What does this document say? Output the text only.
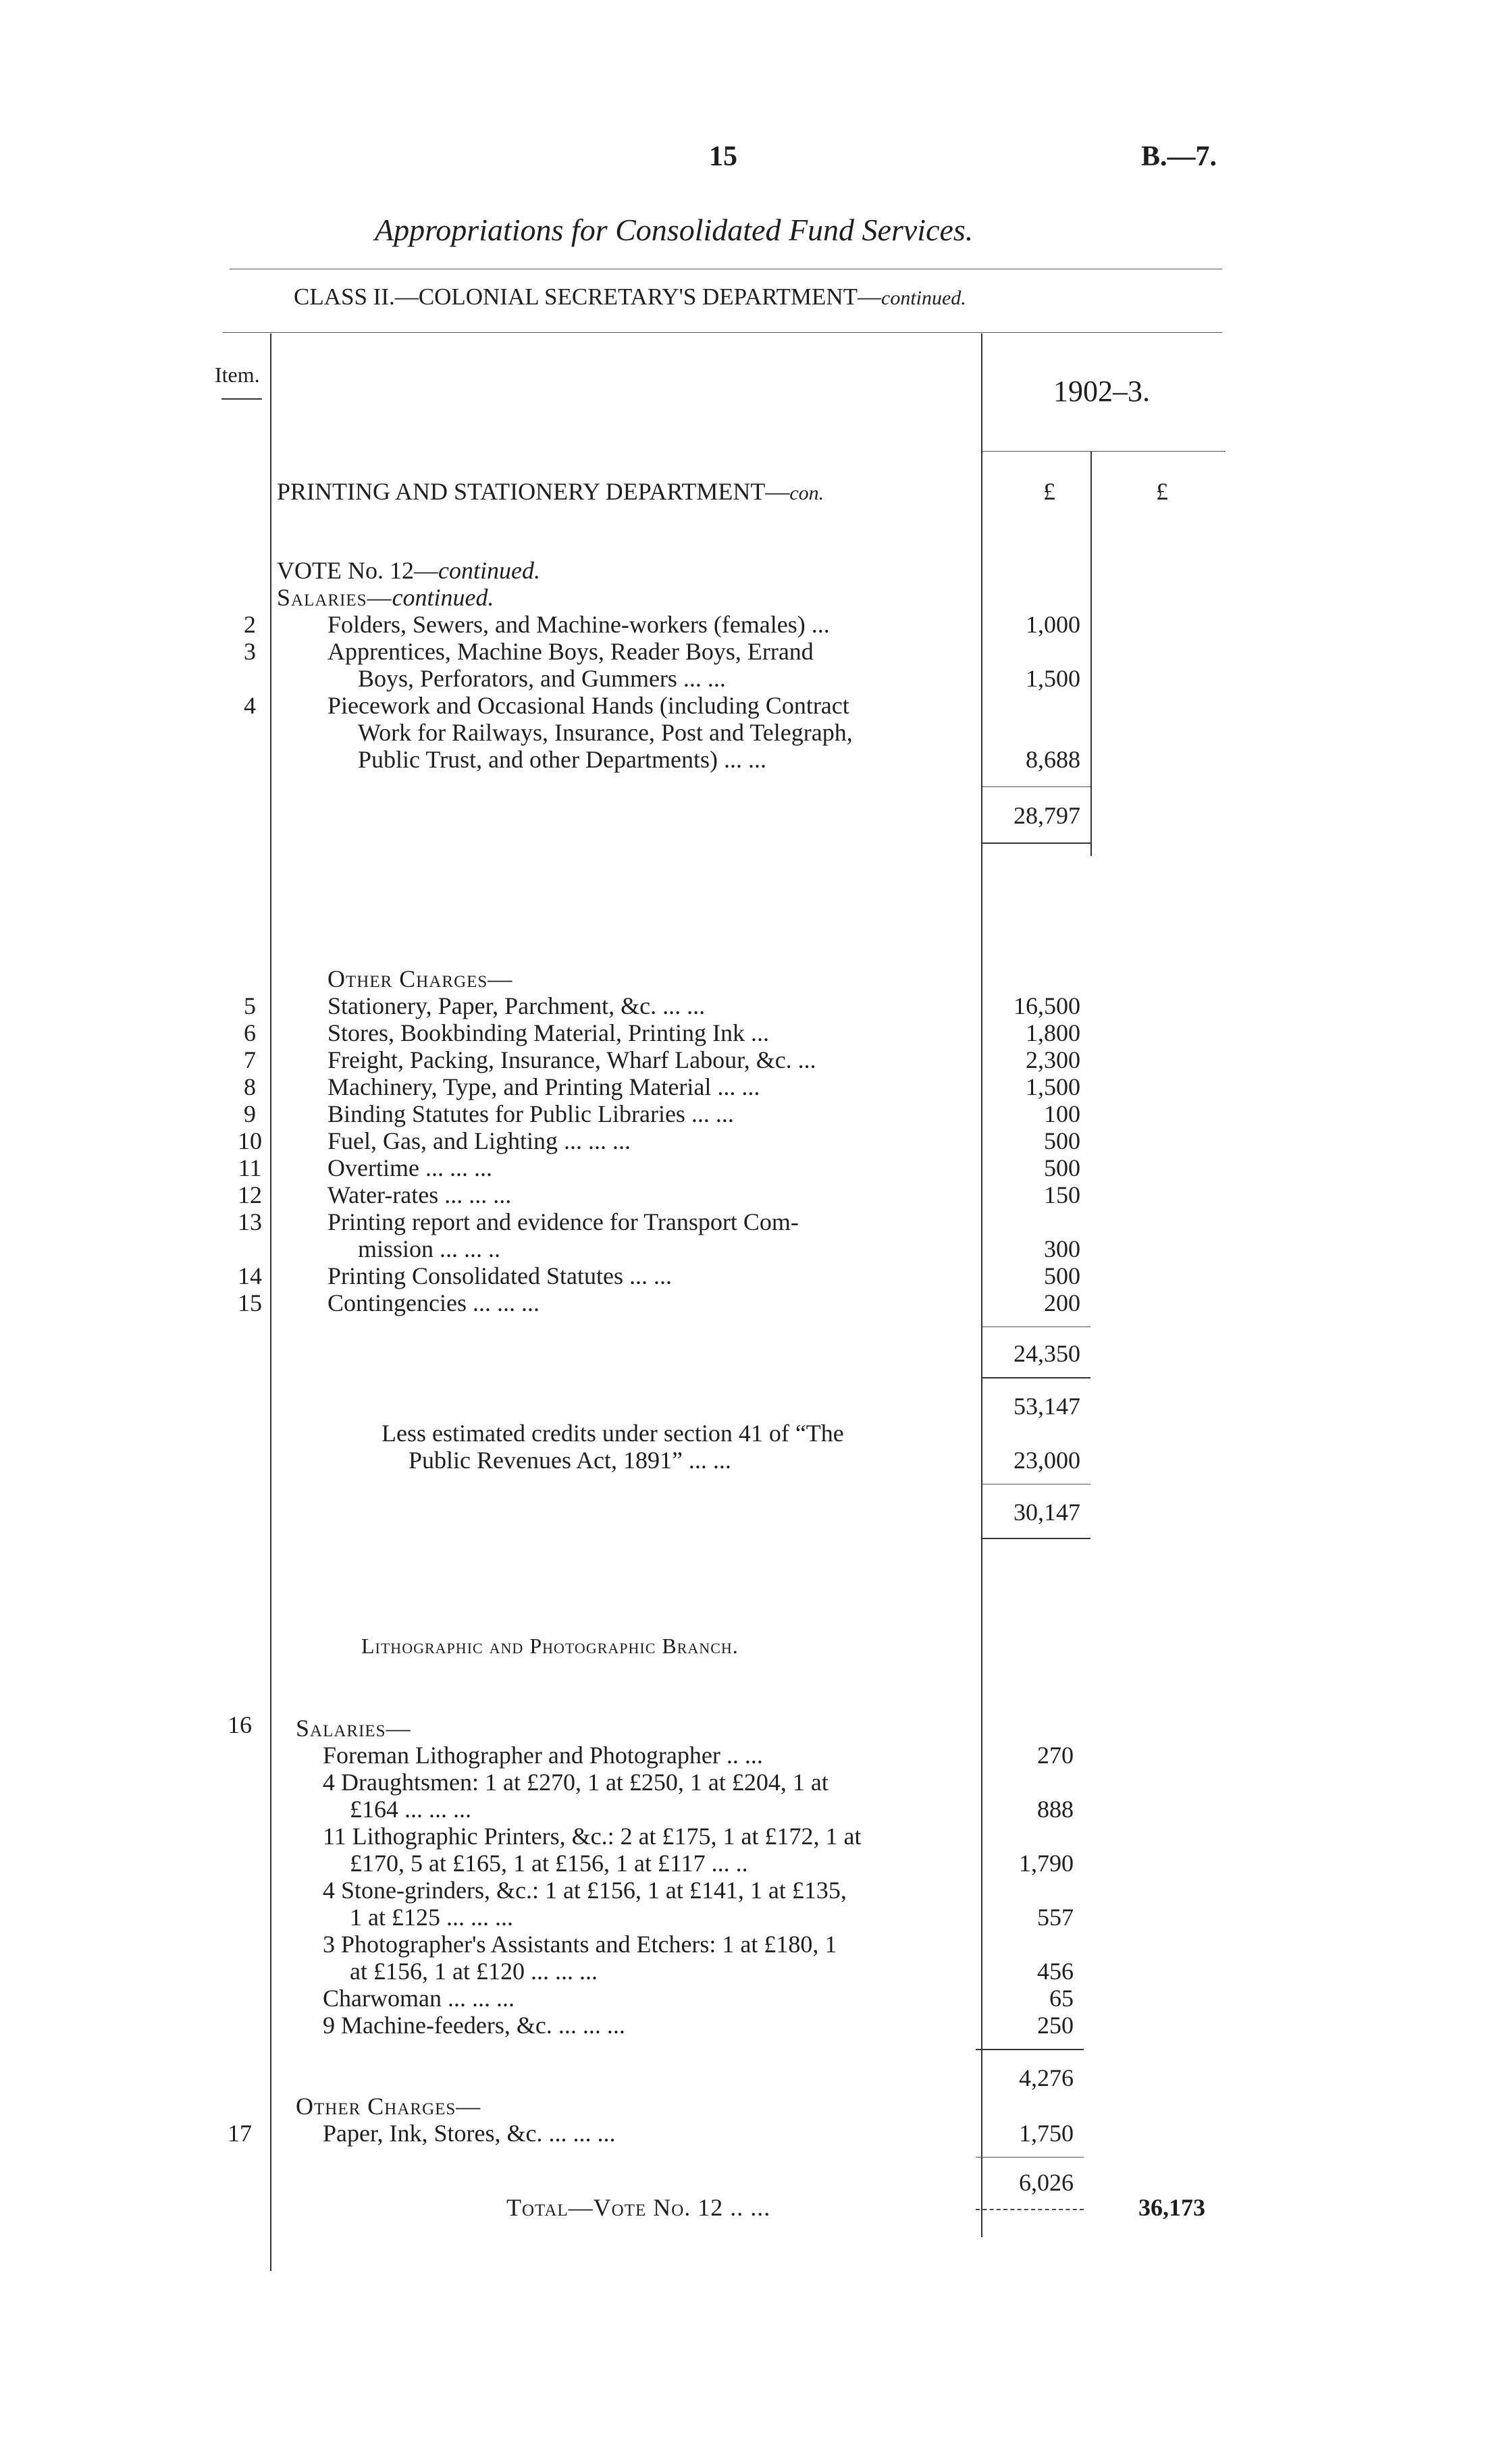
15	B.—7.
Appropriations for Consolidated Fund Services.
CLASS II.—COLONIAL SECRETARY'S DEPARTMENT—continued.
Item.	1902–3.
PRINTING AND STATIONERY DEPARTMENT—con.	£	£
VOTE No. 12—continued.
Salaries—continued.
2	Folders, Sewers, and Machine-workers (females) ...	1,000
3	Apprentices, Machine Boys, Reader Boys, Errand
Boys, Perforators, and Gummers ... ...	1,500
4	Piecework and Occasional Hands (including Contract
Work for Railways, Insurance, Post and Telegraph,
Public Trust, and other Departments) ... ...	8,688
28,797
Other Charges—
5	Stationery, Paper, Parchment, &c. ... ...	16,500
6	Stores, Bookbinding Material, Printing Ink ...	1,800
7	Freight, Packing, Insurance, Wharf Labour, &c. ...	2,300
8	Machinery, Type, and Printing Material ... ...	1,500
9	Binding Statutes for Public Libraries ... ...	100
10	Fuel, Gas, and Lighting ... ... ...	500
11	Overtime ... ... ...	500
12	Water-rates ... ... ...	150
13	Printing report and evidence for Transport Com-
mission ... ... ..	300
14	Printing Consolidated Statutes ... ...	500
15	Contingencies ... ... ...	200
24,350
53,147
Less estimated credits under section 41 of “The
Public Revenues Act, 1891” ... ...	23,000
30,147
Lithographic and Photographic Branch.
16	Salaries—
Foreman Lithographer and Photographer .. ...	270
4 Draughtsmen: 1 at £270, 1 at £250, 1 at £204, 1 at
£164 ... ... ...	888
11 Lithographic Printers, &c.: 2 at £175, 1 at £172, 1 at
£170, 5 at £165, 1 at £156, 1 at £117 ... ..	1,790
4 Stone-grinders, &c.: 1 at £156, 1 at £141, 1 at £135,
1 at £125 ... ... ...	557
3 Photographer's Assistants and Etchers: 1 at £180, 1
at £156, 1 at £120 ... ... ...	456
Charwoman ... ... ...	65
9 Machine-feeders, &c. ... ... ...	250
4,276
Other Charges—
17	Paper, Ink, Stores, &c. ... ... ...	1,750
6,026
Total—Vote No. 12 .. ...	36,173
